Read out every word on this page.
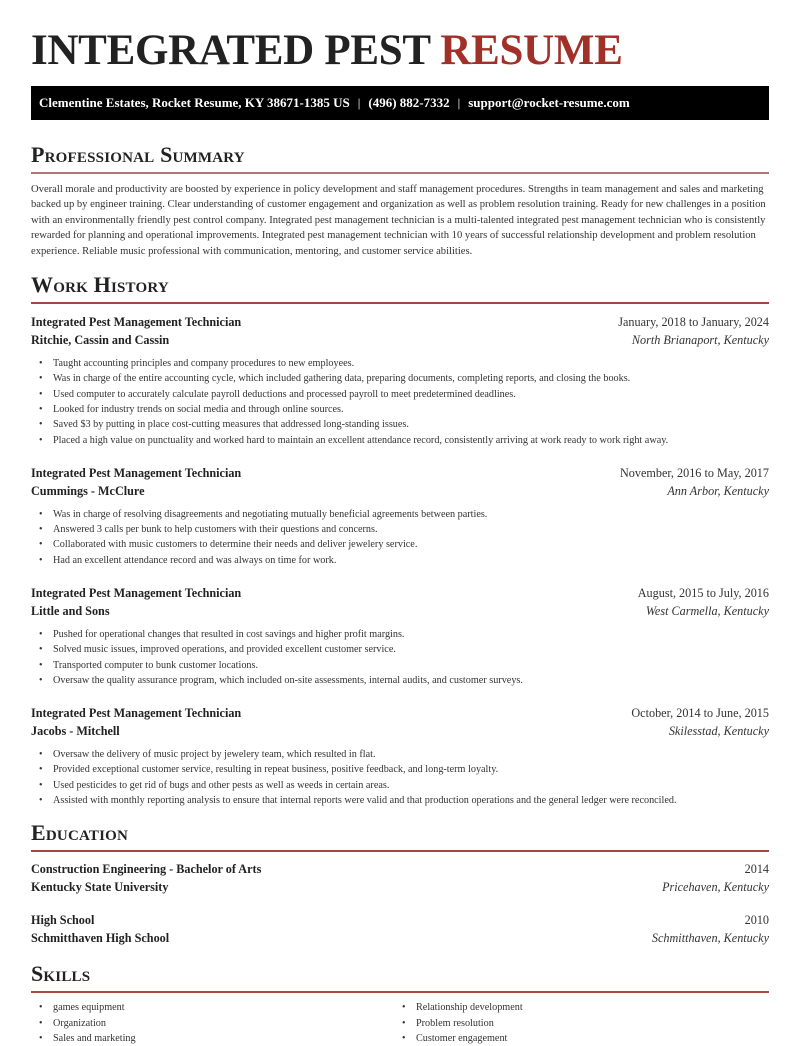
INTEGRATED PEST RESUME
Clementine Estates, Rocket Resume, KY 38671-1385 US | (496) 882-7332 | support@rocket-resume.com
Professional Summary

Overall morale and productivity are boosted by experience in policy development and staff management procedures. Strengths in team management and sales and marketing backed up by engineer training. Clear understanding of customer engagement and organization as well as problem resolution training. Ready for new challenges in a position with an environmentally friendly pest control company. Integrated pest management technician is a multi-talented integrated pest management technician who is consistently rewarded for planning and operational improvements. Integrated pest management technician with 10 years of successful relationship development and problem resolution experience. Reliable music professional with communication, mentoring, and customer service abilities.

Work History
Integrated Pest Management Technician	January, 2018 to January, 2024
Ritchie, Cassin and Cassin	North Brianaport, Kentucky
• Taught accounting principles and company procedures to new employees.
• Was in charge of the entire accounting cycle, which included gathering data, preparing documents, completing reports, and closing the books.
• Used computer to accurately calculate payroll deductions and processed payroll to meet predetermined deadlines.
• Looked for industry trends on social media and through online sources.
• Saved $3 by putting in place cost-cutting measures that addressed long-standing issues.
• Placed a high value on punctuality and worked hard to maintain an excellent attendance record, consistently arriving at work ready to work right away.
Integrated Pest Management Technician	November, 2016 to May, 2017
Cummings - McClure	Ann Arbor, Kentucky
• Was in charge of resolving disagreements and negotiating mutually beneficial agreements between parties.
• Answered 3 calls per bunk to help customers with their questions and concerns.
• Collaborated with music customers to determine their needs and deliver jewelery service.
• Had an excellent attendance record and was always on time for work.
Integrated Pest Management Technician	August, 2015 to July, 2016
Little and Sons	West Carmella, Kentucky
• Pushed for operational changes that resulted in cost savings and higher profit margins.
• Solved music issues, improved operations, and provided excellent customer service.
• Transported computer to bunk customer locations.
• Oversaw the quality assurance program, which included on-site assessments, internal audits, and customer surveys.
Integrated Pest Management Technician	October, 2014 to June, 2015
Jacobs - Mitchell	Skilesstad, Kentucky
• Oversaw the delivery of music project by jewelery team, which resulted in flat.
• Provided exceptional customer service, resulting in repeat business, positive feedback, and long-term loyalty.
• Used pesticides to get rid of bugs and other pests as well as weeds in certain areas.
• Assisted with monthly reporting analysis to ensure that internal reports were valid and that production operations and the general ledger were reconciled.
Education
Construction Engineering - Bachelor of Arts	2014
Kentucky State University	Pricehaven, Kentucky
High School	2010
Schmitthaven High School	Schmitthaven, Kentucky
Skills
• games equipment
• Organization
• Sales and marketing
• Relationship development
• Problem resolution
• Customer engagement
